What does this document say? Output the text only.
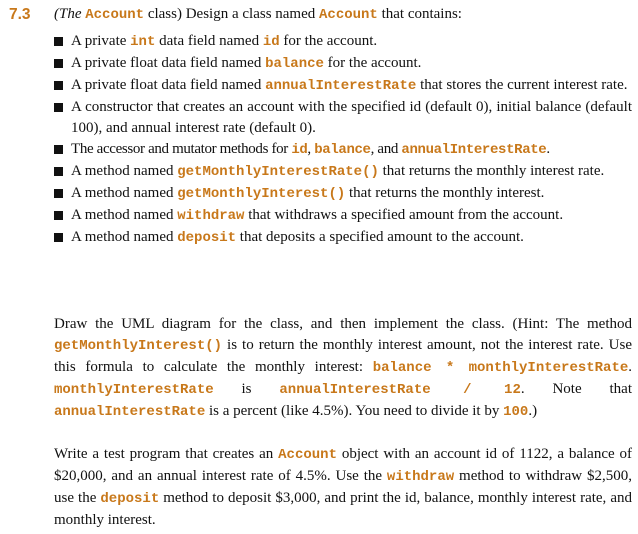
7.3 (The Account class) Design a class named Account that contains:
A private int data field named id for the account.
A private float data field named balance for the account.
A private float data field named annualInterestRate that stores the current interest rate.
A constructor that creates an account with the specified id (default 0), initial balance (default 100), and annual interest rate (default 0).
The accessor and mutator methods for id, balance, and annualInterestRate.
A method named getMonthlyInterestRate() that returns the monthly interest rate.
A method named getMonthlyInterest() that returns the monthly interest.
A method named withdraw that withdraws a specified amount from the account.
A method named deposit that deposits a specified amount to the account.
Draw the UML diagram for the class, and then implement the class. (Hint: The method getMonthlyInterest() is to return the monthly interest amount, not the interest rate. Use this formula to calculate the monthly interest: balance * monthlyInterestRate. monthlyInterestRate is annualInterestRate / 12. Note that annualInterestRate is a percent (like 4.5%). You need to divide it by 100.)
Write a test program that creates an Account object with an account id of 1122, a balance of $20,000, and an annual interest rate of 4.5%. Use the withdraw method to withdraw $2,500, use the deposit method to deposit $3,000, and print the id, balance, monthly interest rate, and monthly interest.
